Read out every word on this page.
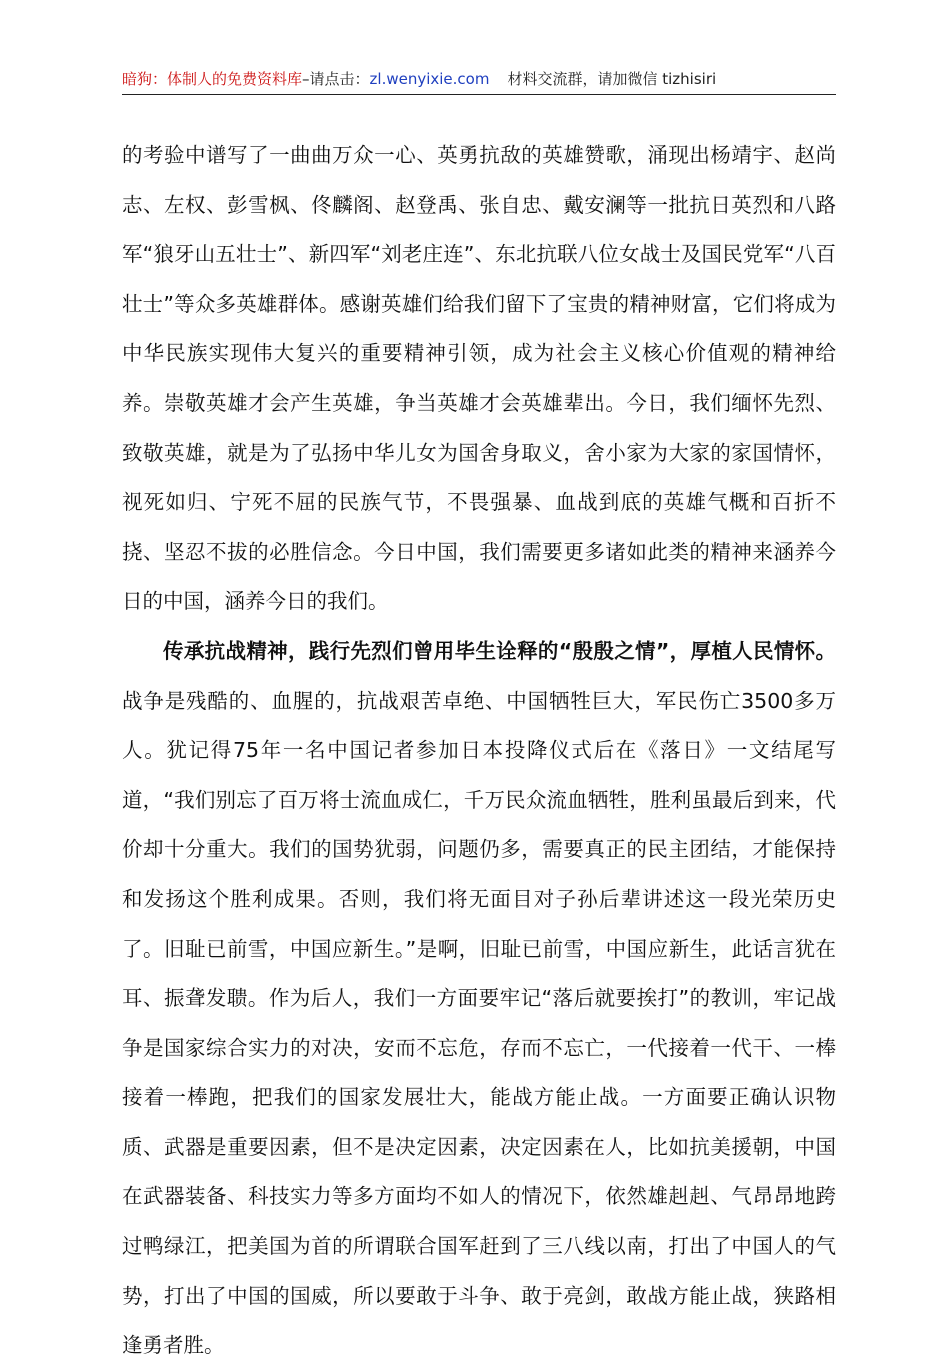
暗狗：体制人的免费资料库–请点击：zl.wenyixie.com 材料交流群，请加微信 tizhisiri

的考验中谱写了一曲曲万众一心、英勇抗敌的英雄赞歌，涌现出杨靖宇、赵尚志、左权、彭雪枫、佟麟阁、赵登禹、张自忠、戴安澜等一批抗日英烈和八路军“狼牙山五壮士”、新四军“刘老庄连”、东北抗联八位女战士及国民党军“八百壮士”等众多英雄群体。感谢英雄们给我们留下了宝贵的精神财富，它们将成为中华民族实现伟大复兴的重要精神引领，成为社会主义核心价值观的精神给养。崇敬英雄才会产生英雄，争当英雄才会英雄辈出。今日，我们缅怀先烈、致敬英雄，就是为了弘扬中华儿女为国舍身取义，舍小家为大家的家国情怀，视死如归、宁死不屈的民族气节，不畏强暴、血战到底的英雄气概和百折不挠、坚忍不拔的必胜信念。今日中国，我们需要更多诸如此类的精神来涵养今日的中国，涵养今日的我们。

传承抗战精神，践行先烈们曾用毕生诠释的“殷殷之情”，厚植人民情怀。战争是残酷的、血腥的，抗战艰苦卓绝、中国牺牲巨大，军民伤亡3500多万人。犹记得75年一名中国记者参加日本投降仪式后在《落日》一文结尾写道，“我们别忘了百万将士流血成仁，千万民众流血牺牲，胜利虽最后到来，代价却十分重大。我们的国势犹弱，问题仍多，需要真正的民主团结，才能保持和发扬这个胜利成果。否则，我们将无面目对子孙后辈讲述这一段光荣历史了。旧耻已前雪，中国应新生。”是啊，旧耻已前雪，中国应新生，此话言犹在耳、振聋发聩。作为后人，我们一方面要牢记“落后就要挨打”的教训，牢记战争是国家综合实力的对决，安而不忘危，存而不忘亡，一代接着一代干、一棒接着一棒跑，把我们的国家发展壮大，能战方能止战。一方面要正确认识物质、武器是重要因素，但不是决定因素，决定因素在人，比如抗美援朝，中国在武器装备、科技实力等多方面均不如人的情况下，依然雄赳赳、气昂昂地跨过鸭绿江，把美国为首的所谓联合国军赶到了三八线以南，打出了中国人的气势，打出了中国的国威，所以要敢于斗争、敢于亮剑，敢战方能止战，狭路相逢勇者胜。
